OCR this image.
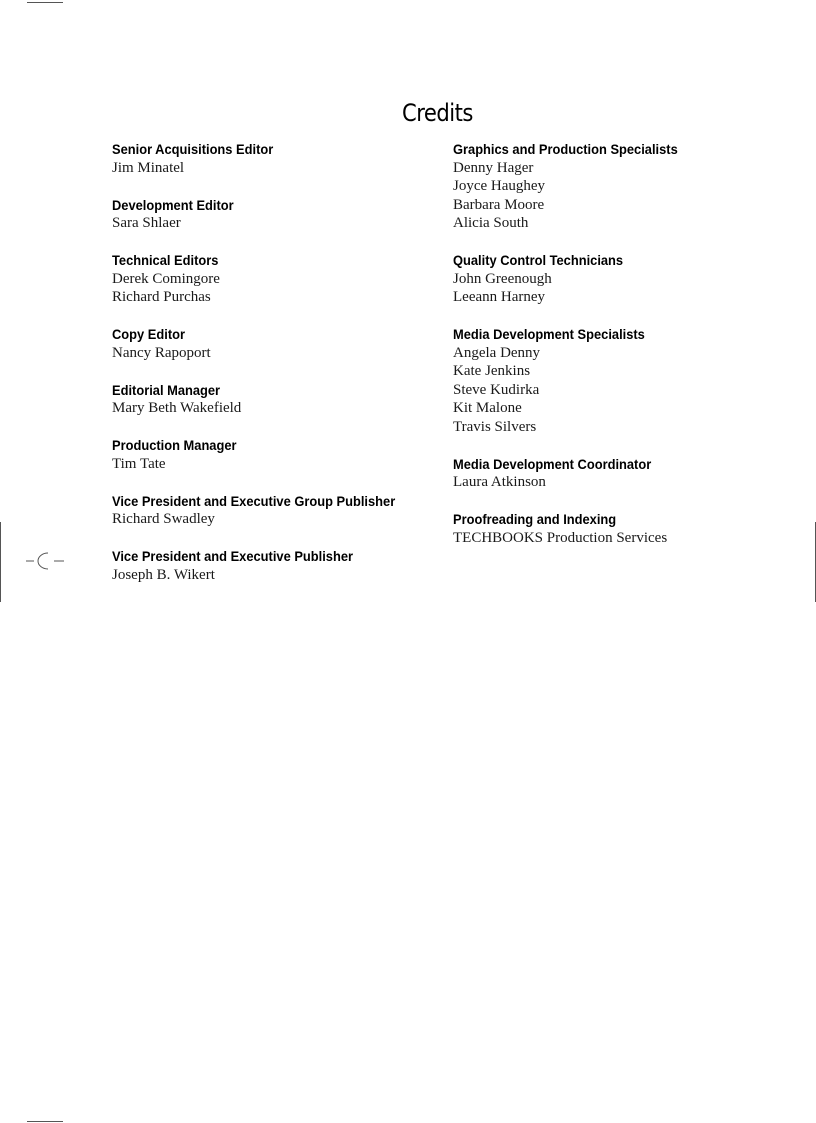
Credits
Senior Acquisitions Editor
Jim Minatel
Development Editor
Sara Shlaer
Technical Editors
Derek Comingore
Richard Purchas
Copy Editor
Nancy Rapoport
Editorial Manager
Mary Beth Wakefield
Production Manager
Tim Tate
Vice President and Executive Group Publisher
Richard Swadley
Vice President and Executive Publisher
Joseph B. Wikert
Graphics and Production Specialists
Denny Hager
Joyce Haughey
Barbara Moore
Alicia South
Quality Control Technicians
John Greenough
Leeann Harney
Media Development Specialists
Angela Denny
Kate Jenkins
Steve Kudirka
Kit Malone
Travis Silvers
Media Development Coordinator
Laura Atkinson
Proofreading and Indexing
TECHBOOKS Production Services
